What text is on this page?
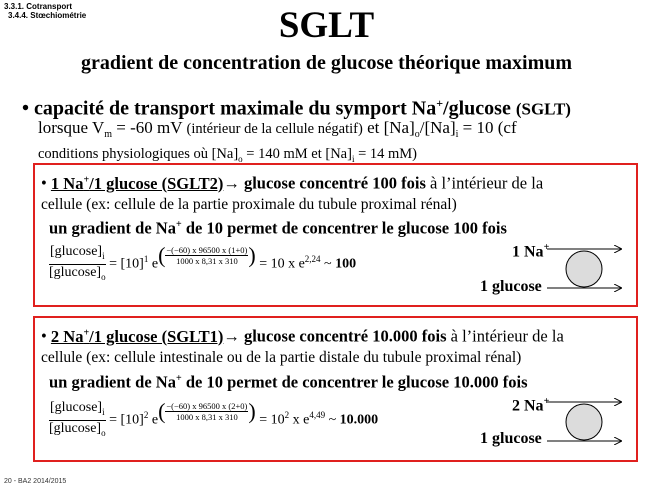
3.3.1. Cotransport
3.4.4. Stœchiométrie	SGLT
gradient de concentration de glucose théorique maximum
• capacité de transport maximale du symport Na+/glucose (SGLT)
lorsque $V_m = -60$ mV (intérieur de la cellule négatif) et $[Na]_o/[Na]_i = 10$ (cf
conditions physiologiques où $[Na]_o = 140$ mM et $[Na]_i = 14$ mM)
• 1 Na+/1 glucose (SGLT2)→ glucose concentré 100 fois à l’intérieur de la
cellule (ex: cellule de la partie proximale du tubule proximal rénal)
un gradient de Na+ de 10 permet de concentrer le glucose 100 fois
$\frac{[glucose]_i}{[glucose]_o} = [10]^1$ $e^{( \frac{-(-60) x 96500 x (1+0)}{1000 x 8,31 x 310} )} = 10$ x $e^{2,24}$ ~ 100
1 Na+
1 glucose
• 2 Na+/1 glucose (SGLT1)→ glucose concentré 10.000 fois à l’intérieur de la
cellule (ex: cellule intestinale ou de la partie distale du tubule proximal rénal)
un gradient de Na+ de 10 permet de concentrer le glucose 10.000 fois
$\frac{[glucose]_i}{[glucose]_o} = [10]^2$ $e^{( \frac{-(-60) x 96500 x (2+0)}{1000 x 8,31 x 310} )} = 10^2$ x $e^{4,49}$ ~ 10.000
2 Na+
1 glucose
20 - BA2 2014/2015
